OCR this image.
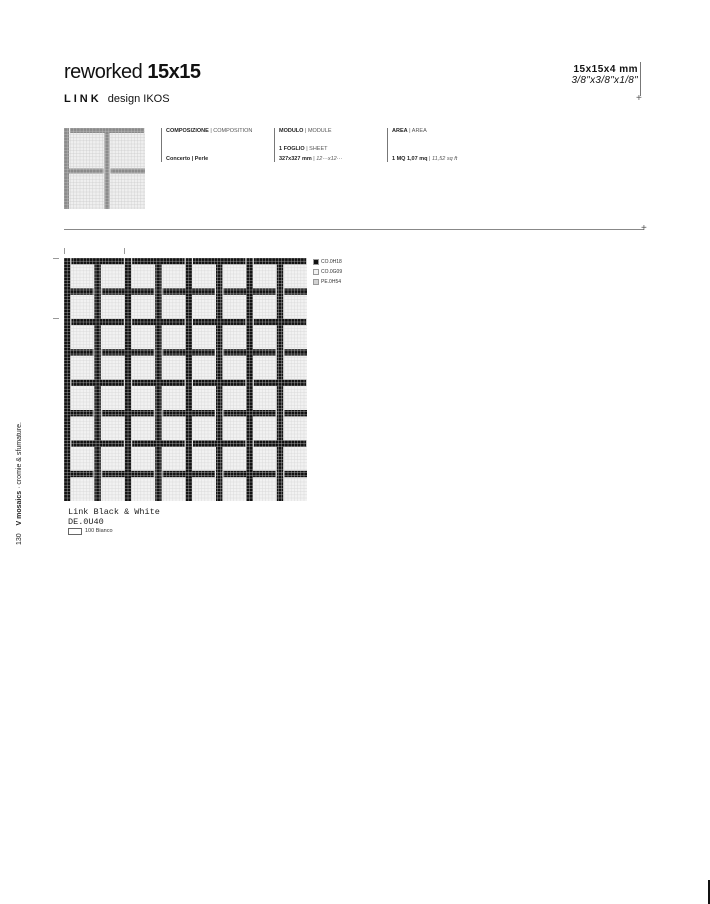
reworked 15x15
LINK design IKOS
15x15x4 mm
3/8"x3/8"x1/8"
+
COMPOSIZIONE | COMPOSITION
Concerto | Perle
MODULO | MODULE
1 FOGLIO | SHEET
327x327 mm | 12···x12···
AREA | AREA
1 MQ 1,07 mq | 11,52 sq ft
+
CO.0H18
CO.0G09
PE.0H54
Link Black & White
DE.0U40
100 Bianco
130    V mosaics · cromie & sfumature.
